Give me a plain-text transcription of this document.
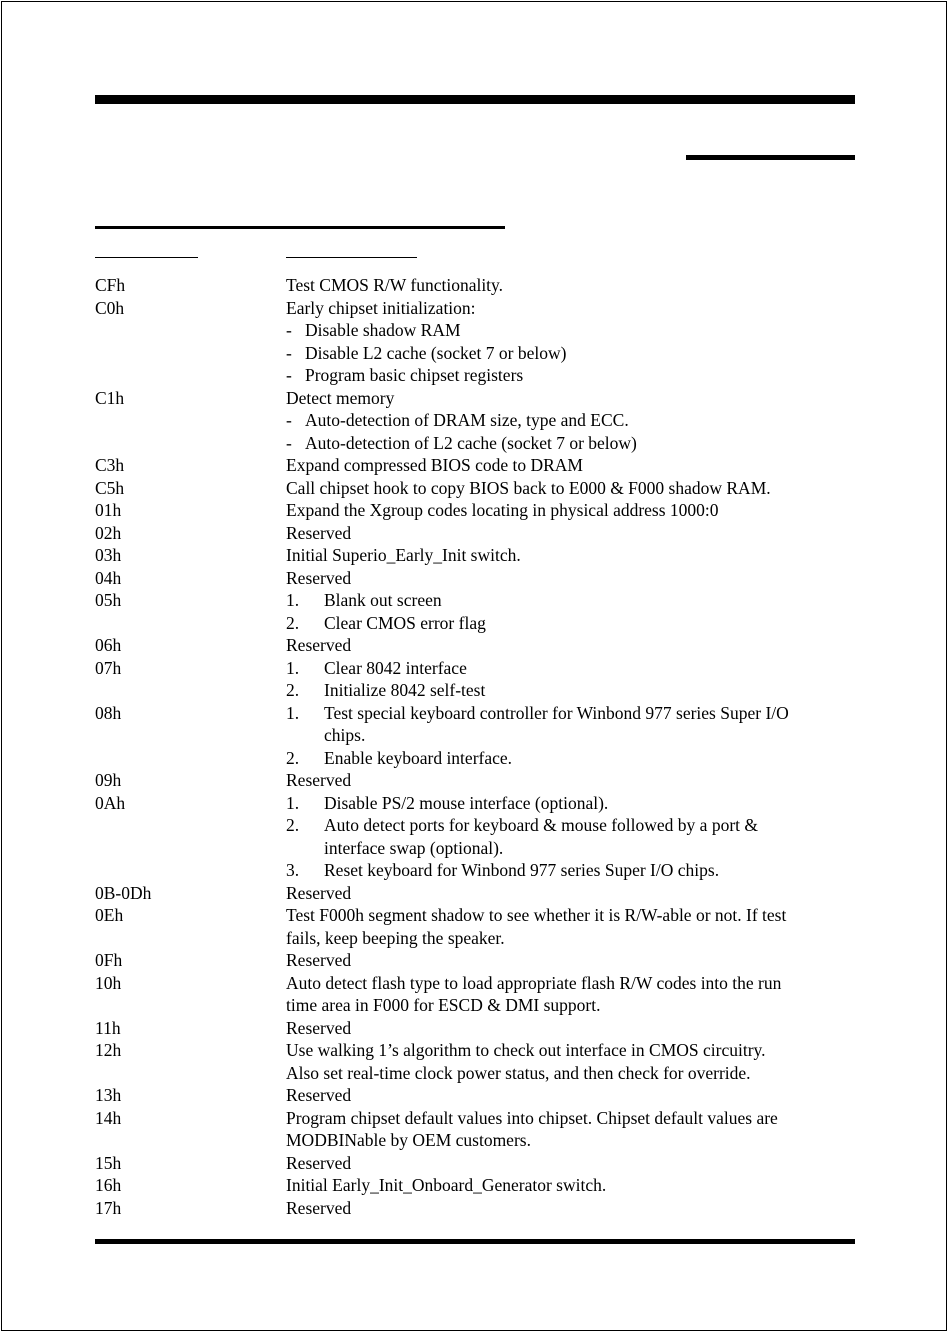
CFh	Test CMOS R/W functionality.
C0h	Early chipset initialization:
- Disable shadow RAM
- Disable L2 cache (socket 7 or below)
- Program basic chipset registers
C1h	Detect memory
- Auto-detection of DRAM size, type and ECC.
- Auto-detection of L2 cache (socket 7 or below)
C3h	Expand compressed BIOS code to DRAM
C5h	Call chipset hook to copy BIOS back to E000 & F000 shadow RAM.
01h	Expand the Xgroup codes locating in physical address 1000:0
02h	Reserved
03h	Initial Superio_Early_Init switch.
04h	Reserved
05h	1.	Blank out screen
2.	Clear CMOS error flag
06h	Reserved
07h	1.	Clear 8042 interface
2.	Initialize 8042 self-test
08h	1.	Test special keyboard controller for Winbond 977 series Super I/O
chips.
2.	Enable keyboard interface.
09h	Reserved
0Ah	1.	Disable PS/2 mouse interface (optional).
2.	Auto detect ports for keyboard & mouse followed by a port &
interface swap (optional).
3.	Reset keyboard for Winbond 977 series Super I/O chips.
0B-0Dh	Reserved
0Eh	Test F000h segment shadow to see whether it is R/W-able or not. If test
fails, keep beeping the speaker.
0Fh	Reserved
10h	Auto detect flash type to load appropriate flash R/W codes into the run
time area in F000 for ESCD & DMI support.
11h	Reserved
12h	Use walking 1’s algorithm to check out interface in CMOS circuitry.
Also set real-time clock power status, and then check for override.
13h	Reserved
14h	Program chipset default values into chipset. Chipset default values are
MODBINable by OEM customers.
15h	Reserved
16h	Initial Early_Init_Onboard_Generator switch.
17h	Reserved
